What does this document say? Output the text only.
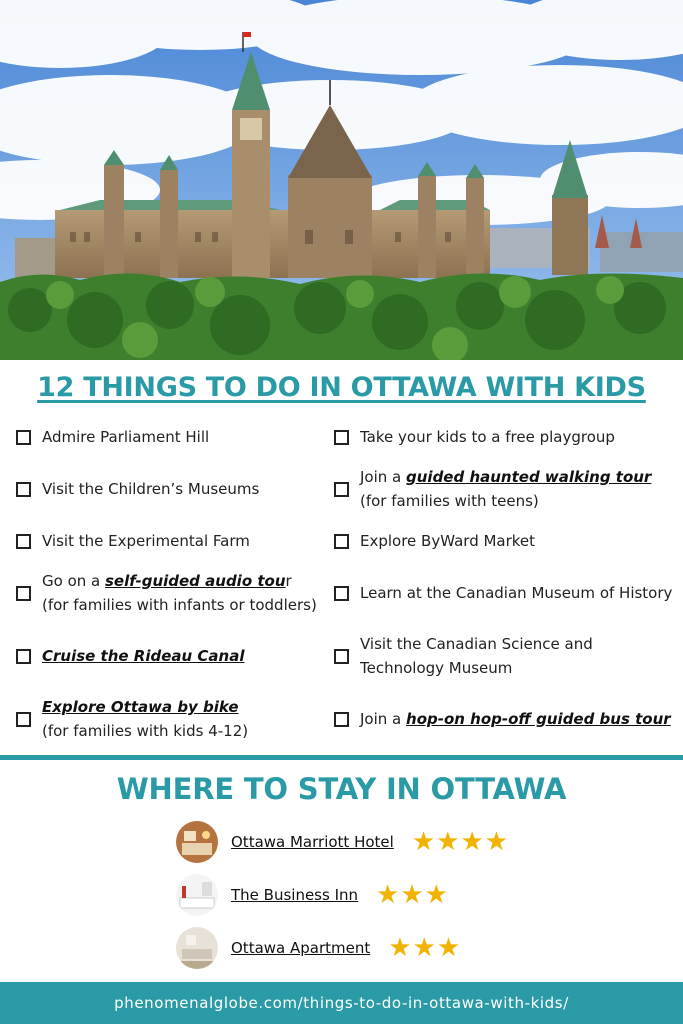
12 THINGS TO DO IN OTTAWA WITH KIDS
Admire Parliament Hill
Visit the Children’s Museums
Visit the Experimental Farm
Go on a self-guided audio tour
(for families with infants or toddlers)
Cruise the Rideau Canal
Explore Ottawa by bike
(for families with kids 4-12)
Take your kids to a free playgroup
Join a guided haunted walking tour
(for families with teens)
Explore ByWard Market
Learn at the Canadian Museum of History
Visit the Canadian Science and
Technology Museum
Join a hop-on hop-off guided bus tour
WHERE TO STAY IN OTTAWA
Ottawa Marriott Hotel ★ ★ ★ ★
The Business Inn ★ ★ ★
Ottawa Apartment ★ ★ ★
phenomenalglobe.com/things-to-do-in-ottawa-with-kids/
